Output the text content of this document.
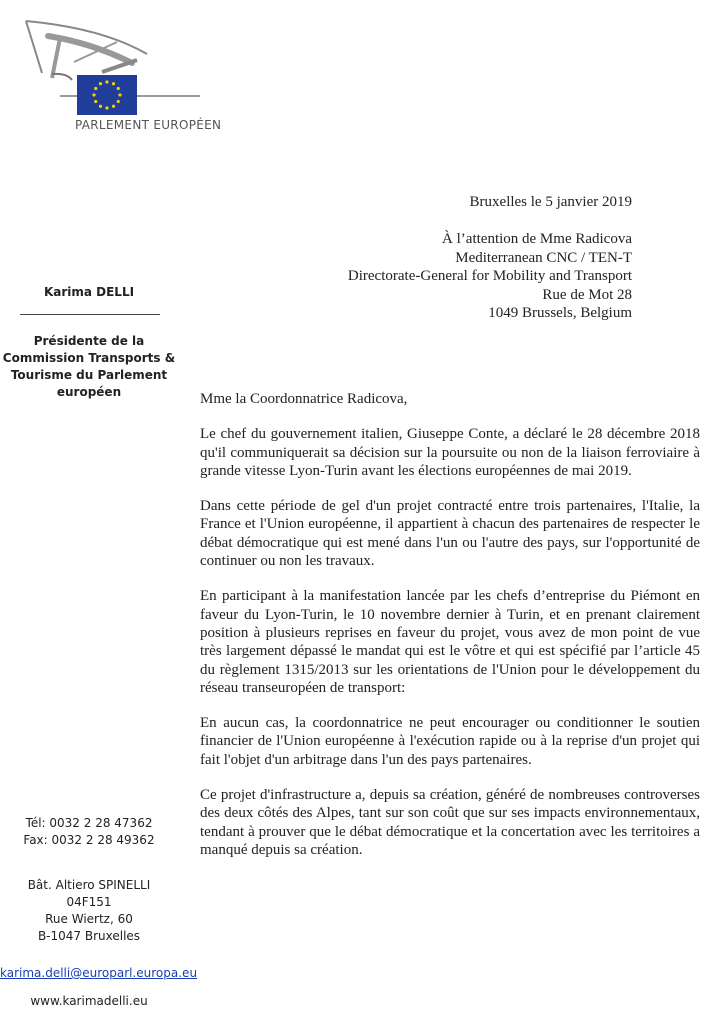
PARLEMENT EUROPÉEN
Karima DELLI
Présidente de la
Commission Transports &
Tourisme du Parlement
européen
Tél: 0032 2 28 47362
Fax: 0032 2 28 49362
Bât. Altiero SPINELLI
04F151
Rue Wiertz, 60
B-1047 Bruxelles
karima.delli@europarl.europa.eu
www.karimadelli.eu
Bruxelles le 5 janvier 2019
À l’attention de Mme Radicova
Mediterranean CNC / TEN-T
Directorate-General for Mobility and Transport
Rue de Mot 28
1049 Brussels, Belgium

Mme la Coordonnatrice Radicova,

Le chef du gouvernement italien, Giuseppe Conte, a déclaré le 28 décembre 2018 qu'il communiquerait sa décision sur la poursuite ou non de la liaison ferroviaire à grande vitesse Lyon-Turin avant les élections européennes de mai 2019.

Dans cette période de gel d'un projet contracté entre trois partenaires, l'Italie, la France et l'Union européenne, il appartient à chacun des partenaires de respecter le débat démocratique qui est mené dans l'un ou l'autre des pays, sur l'opportunité de continuer ou non les travaux.

En participant à la manifestation lancée par les chefs d’entreprise du Piémont en faveur du Lyon-Turin, le 10 novembre dernier à Turin, et en prenant clairement position à plusieurs reprises en faveur du projet, vous avez de mon point de vue très largement dépassé le mandat qui est le vôtre et qui est spécifié par l’article 45 du règlement 1315/2013 sur les orientations de l'Union pour le développement du réseau transeuropéen de transport:

En aucun cas, la coordonnatrice ne peut encourager ou conditionner le soutien financier de l'Union européenne à l'exécution rapide ou à la reprise d'un projet qui fait l'objet d'un arbitrage dans l'un des pays partenaires.

Ce projet d'infrastructure a, depuis sa création, généré de nombreuses controverses des deux côtés des Alpes, tant sur son coût que sur ses impacts environnementaux, tendant à prouver que le débat démocratique et la concertation avec les territoires a manqué depuis sa création.
